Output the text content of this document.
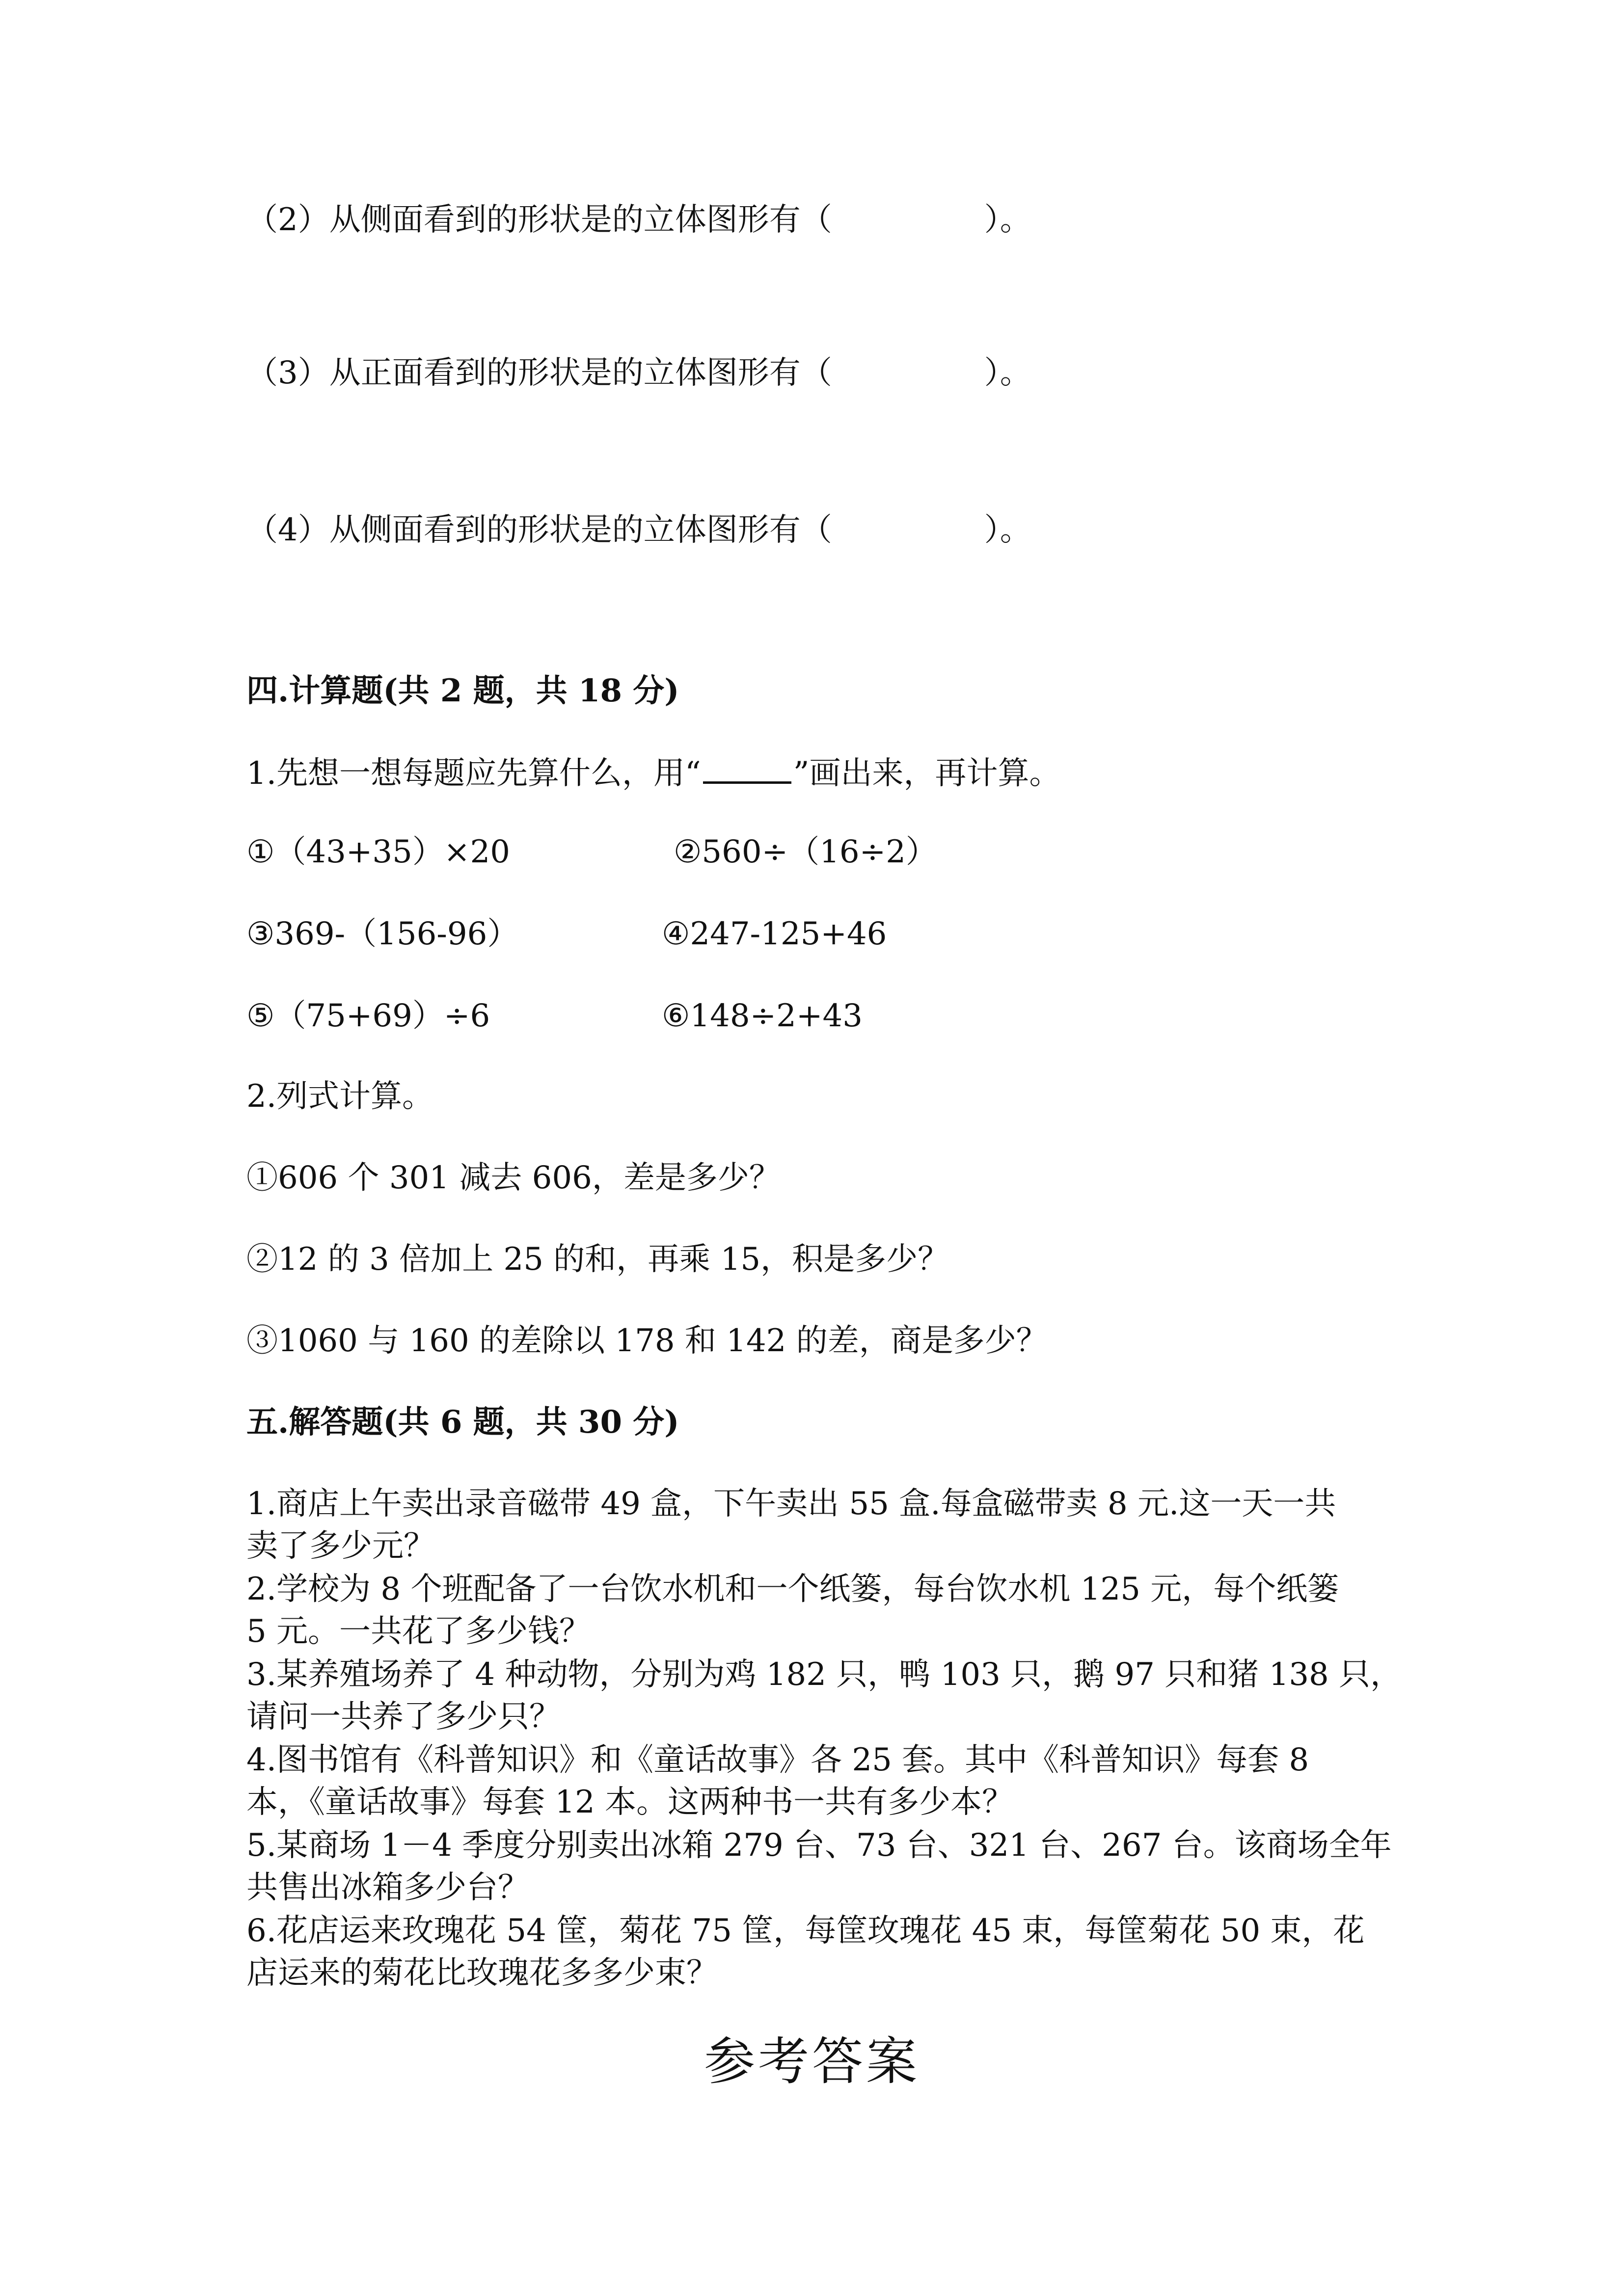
（2）从侧面看到的形状是的立体图形有（	）。
（3）从正面看到的形状是的立体图形有（	）。
（4）从侧面看到的形状是的立体图形有（	）。
四.计算题(共 2 题，共 18 分)
1.先想一想每题应先算什么，用“	”画出来，再计算。
①（43+35）×20	②560÷（16÷2）
③369-（156-96）	④247-125+46
⑤（75+69）÷6	⑥148÷2+43
2.列式计算。
①606 个 301 减去 606，差是多少？
②12 的 3 倍加上 25 的和，再乘 15，积是多少？
③1060 与 160 的差除以 178 和 142 的差，商是多少？
五.解答题(共 6 题，共 30 分)
1.商店上午卖出录音磁带 49 盒，下午卖出 55 盒.每盒磁带卖 8 元.这一天一共
卖了多少元？
2.学校为 8 个班配备了一台饮水机和一个纸篓，每台饮水机 125 元，每个纸篓
5 元。一共花了多少钱？
3.某养殖场养了 4 种动物，分别为鸡 182 只，鸭 103 只，鹅 97 只和猪 138 只，
请问一共养了多少只？
4.图书馆有《科普知识》和《童话故事》各 25 套。其中《科普知识》每套 8
本，《童话故事》每套 12 本。这两种书一共有多少本？
5.某商场 1－4 季度分别卖出冰箱 279 台、73 台、321 台、267 台。该商场全年
共售出冰箱多少台？
6.花店运来玫瑰花 54 筐，菊花 75 筐，每筐玫瑰花 45 束，每筐菊花 50 束，花
店运来的菊花比玫瑰花多多少束？
参考答案
